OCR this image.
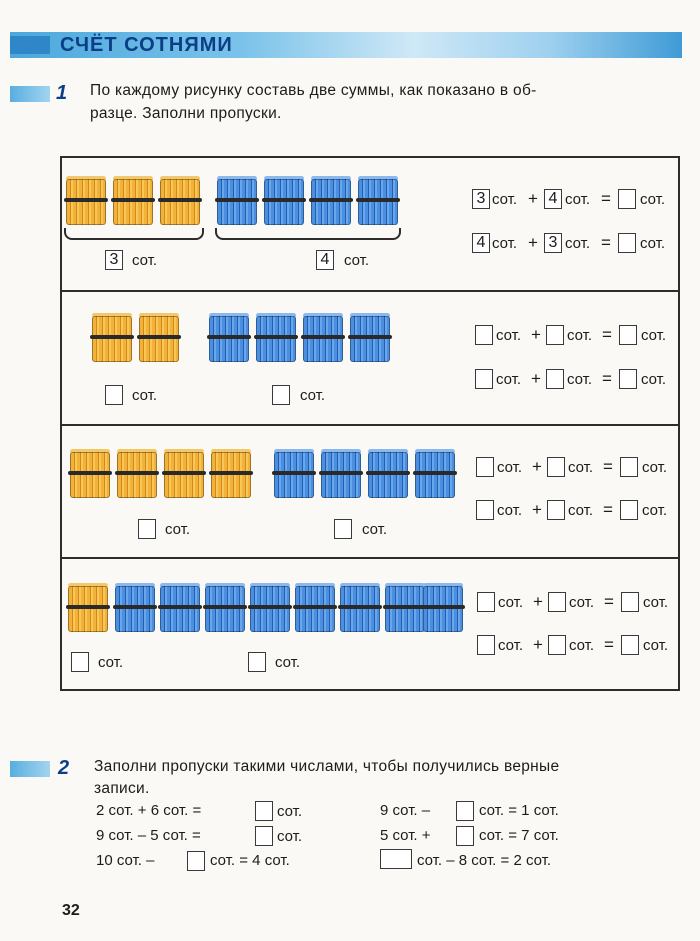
СЧЁТ СОТНЯМИ
1 По каждому рисунку составь две суммы, как показано в об-
разце. Заполни пропуски.
3 сот.	4 сот.
3 сот. + 4 сот. = сот.
4 сот. + 3 сот. = сот.
сот.	сот.
сот. + сот. = сот.
сот. + сот. = сот.
сот.	сот.
сот. + сот. = сот.
сот. + сот. = сот.
сот.	сот.
сот. + сот. = сот.
сот. + сот. = сот.
2 Заполни пропуски такими числами, чтобы получились верные
записи.
2 сот. + 6 сот. =	сот.
9 сот. – 5 сот. =	сот.
10 сот. –	сот. = 4 сот.
9 сот. –	сот. = 1 сот.
5 сот. +	сот. = 7 сот.
сот. – 8 сот. = 2 сот.
32
